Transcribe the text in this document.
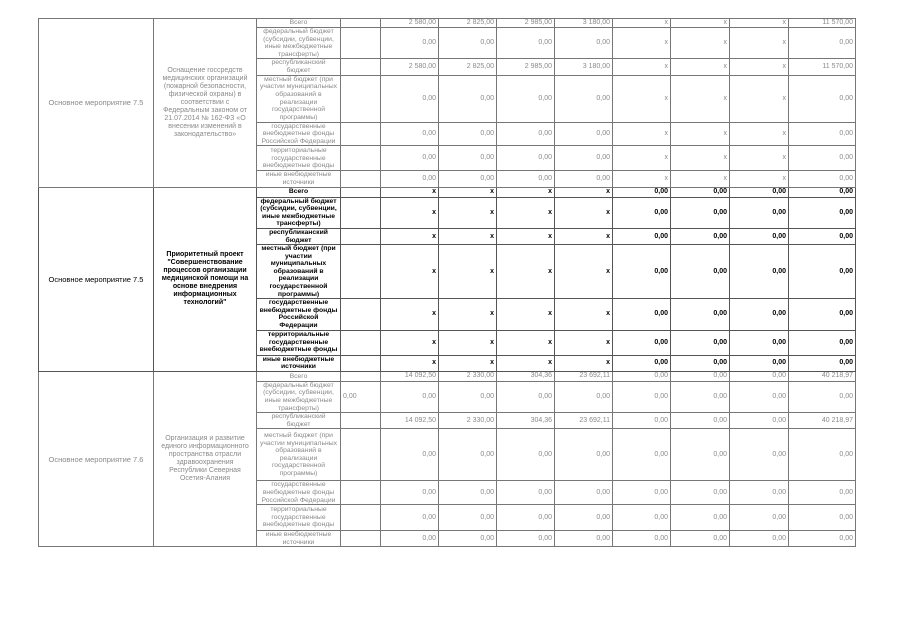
Основное мероприятие 7.5	Оснащение госсредств медицинских организаций (пожарной безопасности, физической охраны) в соответствии с Федеральным законом от 21.07.2014 № 162-ФЗ «О внесении изменений в законодательство»	Всего		2 580,00	2 825,00	2 985,00	3 180,00	х	х	х	11 570,00
		федеральный бюджет (субсидии, субвенции, иные межбюджетные трансферты)		0,00	0,00	0,00	0,00	х	х	х	0,00
		республиканский бюджет		2 580,00	2 825,00	2 985,00	3 180,00	х	х	х	11 570,00
		местный бюджет (при участии муниципальных образований в реализации государственной программы)		0,00	0,00	0,00	0,00	х	х	х	0,00
		государственные внебюджетные фонды Российской Федерации		0,00	0,00	0,00	0,00	х	х	х	0,00
		территориальные государственные внебюджетные фонды		0,00	0,00	0,00	0,00	х	х	х	0,00
		иные внебюджетные источники		0,00	0,00	0,00	0,00	х	х	х	0,00
Основное мероприятие 7.5	Приоритетный проект "Совершенствование процессов организации медицинской помощи на основе внедрения информационных технологий"	Всего		х	х	х	х	0,00	0,00	0,00	0,00
		федеральный бюджет (субсидии, субвенции, иные межбюджетные трансферты)		х	х	х	х	0,00	0,00	0,00	0,00
		республиканский бюджет		х	х	х	х	0,00	0,00	0,00	0,00
		местный бюджет (при участии муниципальных образований в реализации государственной программы)		х	х	х	х	0,00	0,00	0,00	0,00
		государственные внебюджетные фонды Российской Федерации		х	х	х	х	0,00	0,00	0,00	0,00
		территориальные государственные внебюджетные фонды		х	х	х	х	0,00	0,00	0,00	0,00
		иные внебюджетные источники		х	х	х	х	0,00	0,00	0,00	0,00
Основное мероприятие 7.6	Организация и развитие единого информационного пространства отрасли здравоохранения Республики Северная Осетия-Алания	Всего		14 092,50	2 330,00	304,36	23 692,11	0,00	0,00	0,00	40 218,97
		федеральный бюджет (субсидии, субвенции, иные межбюджетные трансферты)	0,00	0,00	0,00	0,00	0,00	0,00	0,00	0,00	0,00
		республиканский бюджет		14 092,50	2 330,00	304,36	23 692,11	0,00	0,00	0,00	40 218,97
		местный бюджет (при участии муниципальных образований в реализации государственной программы)		0,00	0,00	0,00	0,00	0,00	0,00	0,00	0,00
		государственные внебюджетные фонды Российской Федерации		0,00	0,00	0,00	0,00	0,00	0,00	0,00	0,00
		территориальные государственные внебюджетные фонды		0,00	0,00	0,00	0,00	0,00	0,00	0,00	0,00
		иные внебюджетные источники		0,00	0,00	0,00	0,00	0,00	0,00	0,00	0,00
